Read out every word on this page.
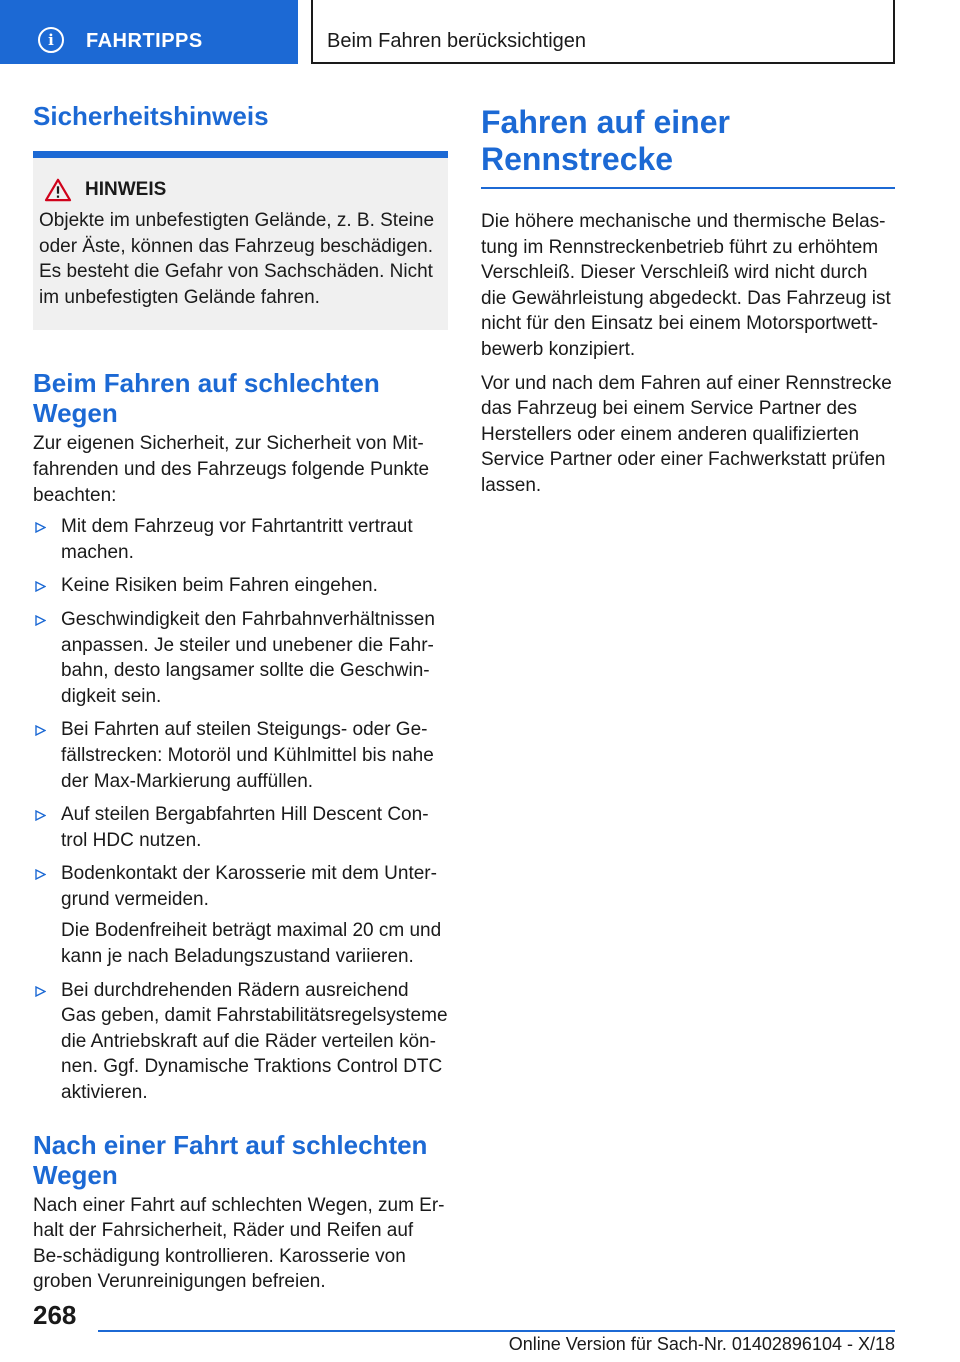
i	FAHRTIPPS	Beim Fahren berücksichtigen
Sicherheitshinweis
HINWEIS

Objekte im unbefestigten Gelände, z. B. Steine oder Äste, können das Fahrzeug beschädigen. Es besteht die Gefahr von Sachschäden. Nicht im unbefestigten Gelände fahren.

Beim Fahren auf schlechten Wegen

Zur eigenen Sicherheit, zur Sicherheit von Mit-fahrenden und des Fahrzeugs folgende Punkte beachten:

Mit dem Fahrzeug vor Fahrtantritt vertraut machen.
Keine Risiken beim Fahren eingehen.
Geschwindigkeit den Fahrbahnverhältnissen anpassen. Je steiler und unebener die Fahr-bahn, desto langsamer sollte die Geschwin-digkeit sein.
Bei Fahrten auf steilen Steigungs- oder Ge-fällstrecken: Motoröl und Kühlmittel bis nahe der Max-Markierung auffüllen.
Auf steilen Bergabfahrten Hill Descent Con-trol HDC nutzen.
Bodenkontakt der Karosserie mit dem Unter-grund vermeiden.
Die Bodenfreiheit beträgt maximal 20 cm und kann je nach Beladungszustand variieren.
Bei durchdrehenden Rädern ausreichend Gas geben, damit Fahrstabilitätsregelsysteme die Antriebskraft auf die Räder verteilen kön-nen. Ggf. Dynamische Traktions Control DTC aktivieren.
Nach einer Fahrt auf schlechten Wegen

Nach einer Fahrt auf schlechten Wegen, zum Er-halt der Fahrsicherheit, Räder und Reifen auf Be-schädigung kontrollieren. Karosserie von groben Verunreinigungen befreien.

Fahren auf einer Rennstrecke

Die höhere mechanische und thermische Belas-tung im Rennstreckenbetrieb führt zu erhöhtem Verschleiß. Dieser Verschleiß wird nicht durch die Gewährleistung abgedeckt. Das Fahrzeug ist nicht für den Einsatz bei einem Motorsportwett-bewerb konzipiert.

Vor und nach dem Fahren auf einer Rennstrecke das Fahrzeug bei einem Service Partner des Herstellers oder einem anderen qualifizierten Service Partner oder einer Fachwerkstatt prüfen lassen.

268
Online Version für Sach-Nr. 01402896104 - X/18
